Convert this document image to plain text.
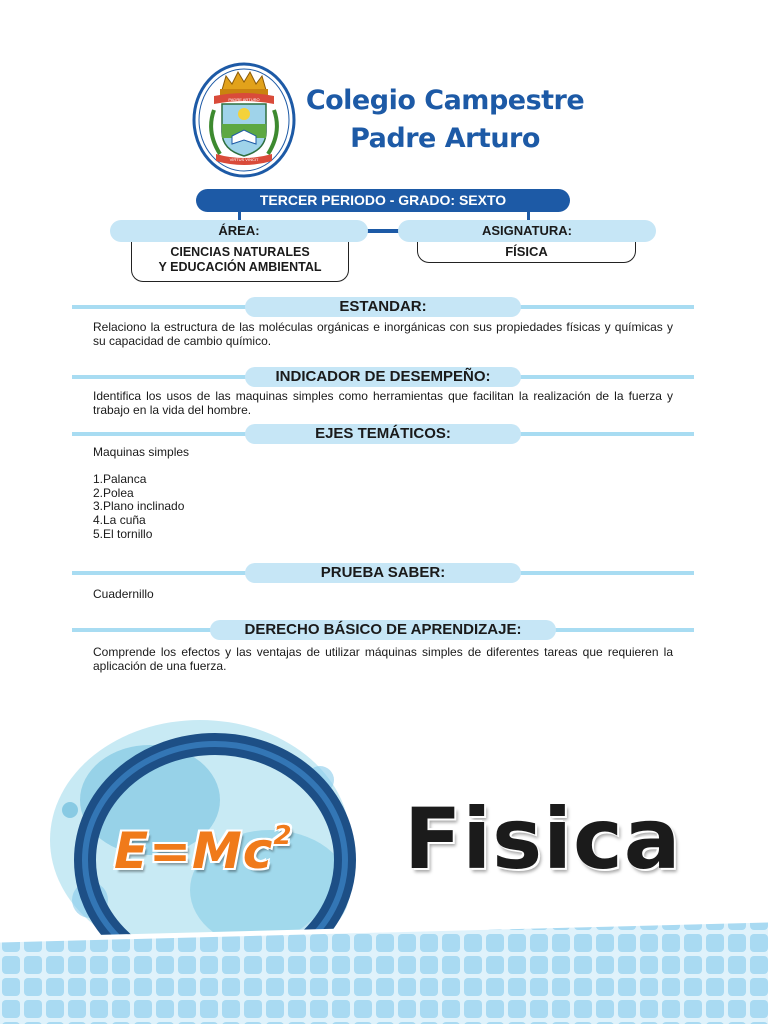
PADRE ARTURO
VIRTUS VINCIT
Colegio Campestre
Padre Arturo
TERCER PERIODO - GRADO: SEXTO
ÁREA:
CIENCIAS NATURALES
Y EDUCACIÓN AMBIENTAL
ASIGNATURA:
FÍSICA
ESTANDAR:
Relaciono la estructura de las moléculas orgánicas e inorgánicas con sus propiedades físicas y químicas y su capacidad de cambio químico.
INDICADOR DE DESEMPEÑO:
Identifica los usos de las maquinas simples como herramientas que facilitan la realización de la fuerza y trabajo en la vida del hombre.
EJES TEMÁTICOS:
Maquinas simples
1.Palanca
2.Polea
3.Plano inclinado
4.La cuña
5.El tornillo
PRUEBA SABER:
Cuadernillo
DERECHO BÁSICO DE APRENDIZAJE:
Comprende los efectos y las ventajas de utilizar máquinas simples de diferentes tareas que requieren la aplicación de una fuerza.
$E=Mc^2$ Fisica
